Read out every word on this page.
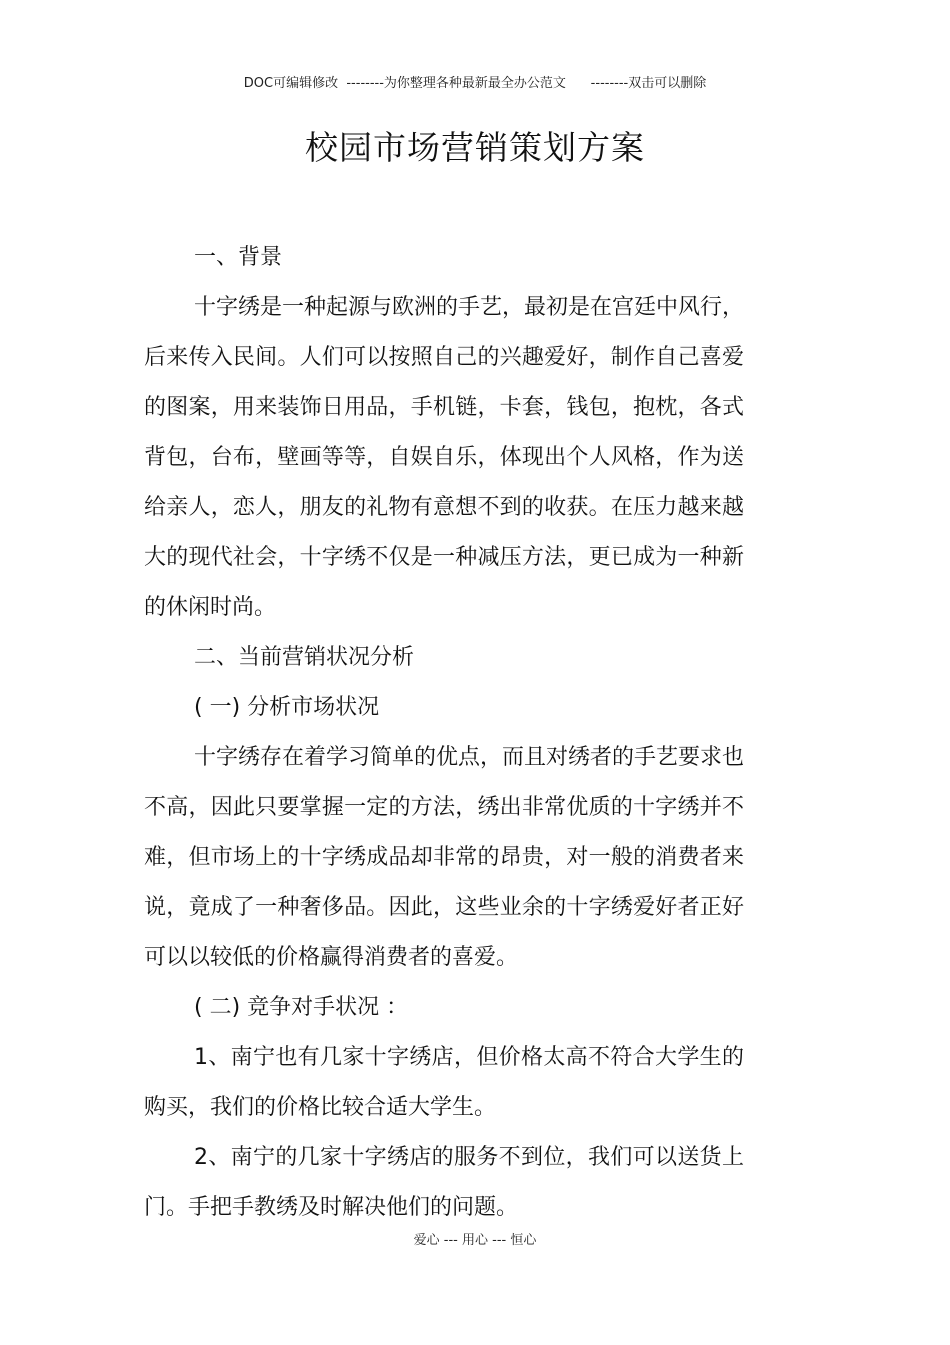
DOC可编辑修改  --------为你整理各种最新最全办公范文      --------双击可以删除
校园市场营销策划方案

一、背景

十字绣是一种起源与欧洲的手艺，最初是在宫廷中风行，后来传入民间。人们可以按照自己的兴趣爱好，制作自己喜爱的图案，用来装饰日用品，手机链，卡套，钱包，抱枕，各式背包，台布，壁画等等，自娱自乐，体现出个人风格，作为送给亲人，恋人，朋友的礼物有意想不到的收获。在压力越来越大的现代社会，十字绣不仅是一种减压方法，更已成为一种新的休闲时尚。

二、当前营销状况分析

( 一) 分析市场状况

十字绣存在着学习简单的优点，而且对绣者的手艺要求也不高，因此只要掌握一定的方法，绣出非常优质的十字绣并不难，但市场上的十字绣成品却非常的昂贵，对一般的消费者来说，竟成了一种奢侈品。因此，这些业余的十字绣爱好者正好可以以较低的价格赢得消费者的喜爱。

( 二) 竞争对手状况 ：

1、南宁也有几家十字绣店，但价格太高不符合大学生的购买，我们的价格比较合适大学生。

2、南宁的几家十字绣店的服务不到位，我们可以送货上门。手把手教绣及时解决他们的问题。

爱心 --- 用心 --- 恒心
